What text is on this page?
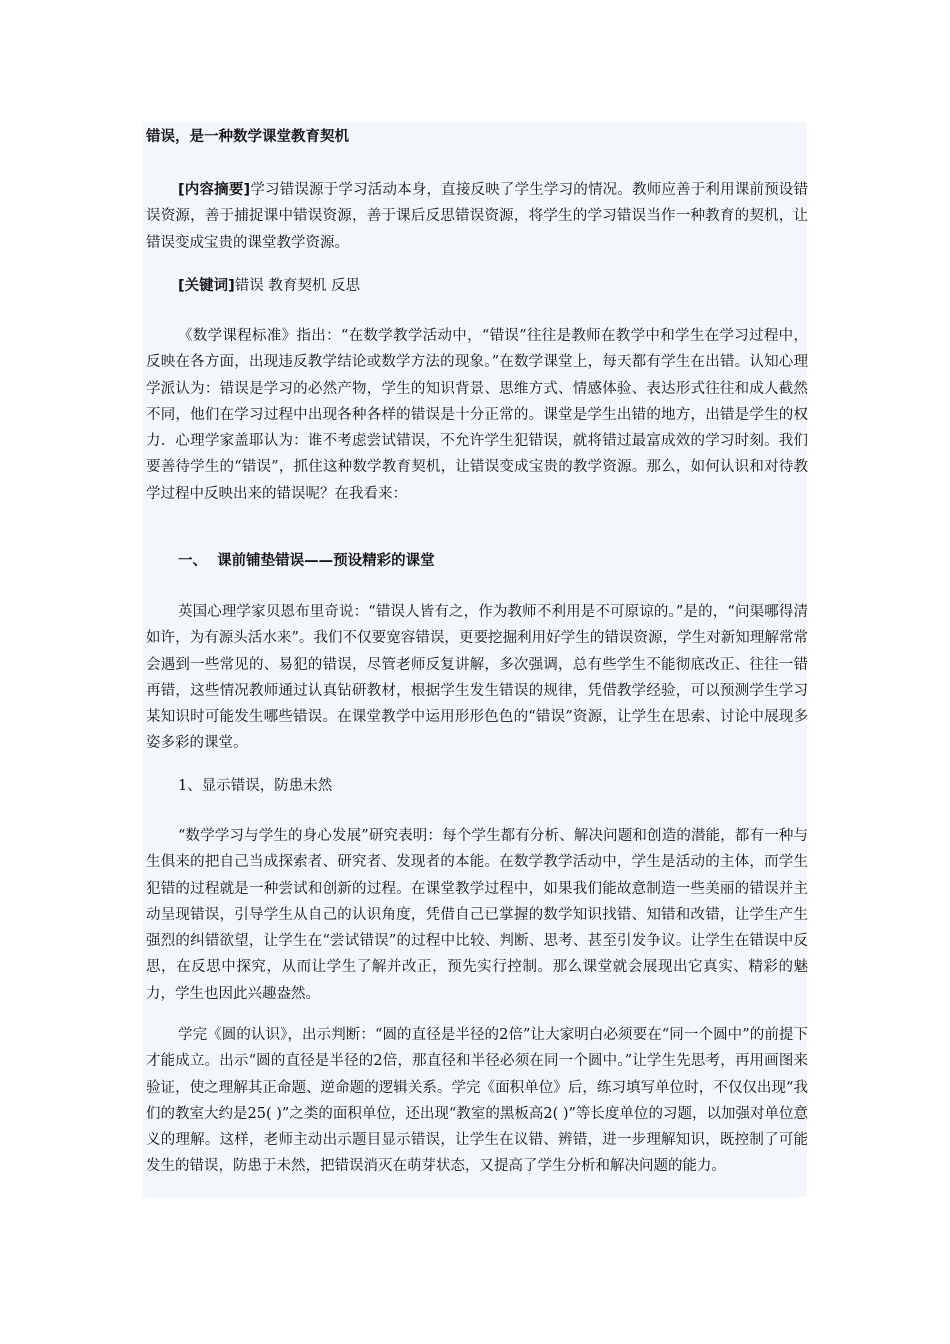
错误，是一种数学课堂教育契机
[内容摘要]学习错误源于学习活动本身，直接反映了学生学习的情况。教师应善于利用课前预设错误资源，善于捕捉课中错误资源，善于课后反思错误资源，将学生的学习错误当作一种教育的契机，让错误变成宝贵的课堂教学资源。
[关键词]错误 教育契机 反思
《数学课程标准》指出：“在数学教学活动中，“错误”往往是教师在教学中和学生在学习过程中，反映在各方面，出现违反教学结论或数学方法的现象。”在数学课堂上，每天都有学生在出错。认知心理学派认为：错误是学习的必然产物，学生的知识背景、思维方式、情感体验、表达形式往往和成人截然不同，他们在学习过程中出现各种各样的错误是十分正常的。课堂是学生出错的地方，出错是学生的权力．心理学家盖耶认为：谁不考虑尝试错误，不允许学生犯错误，就将错过最富成效的学习时刻。我们要善待学生的“错误”，抓住这种数学教育契机，让错误变成宝贵的教学资源。那么，如何认识和对待教学过程中反映出来的错误呢？在我看来：
一、  课前铺垫错误——预设精彩的课堂
英国心理学家贝恩布里奇说：“错误人皆有之，作为教师不利用是不可原谅的。”是的，“问渠哪得清如许，为有源头活水来”。我们不仅要宽容错误，更要挖掘利用好学生的错误资源，学生对新知理解常常会遇到一些常见的、易犯的错误，尽管老师反复讲解，多次强调，总有些学生不能彻底改正、往往一错再错，这些情况教师通过认真钻研教材，根据学生发生错误的规律，凭借教学经验，可以预测学生学习某知识时可能发生哪些错误。在课堂教学中运用形形色色的“错误”资源，让学生在思索、讨论中展现多姿多彩的课堂。
1、显示错误，防患未然
“数学学习与学生的身心发展”研究表明：每个学生都有分析、解决问题和创造的潜能，都有一种与生俱来的把自己当成探索者、研究者、发现者的本能。在数学教学活动中，学生是活动的主体，而学生犯错的过程就是一种尝试和创新的过程。在课堂教学过程中，如果我们能故意制造一些美丽的错误并主动呈现错误，引导学生从自己的认识角度，凭借自己已掌握的数学知识找错、知错和改错，让学生产生强烈的纠错欲望，让学生在“尝试错误”的过程中比较、判断、思考、甚至引发争议。让学生在错误中反思，在反思中探究，从而让学生了解并改正，预先实行控制。那么课堂就会展现出它真实、精彩的魅力，学生也因此兴趣盎然。
学完《圆的认识》，出示判断：“圆的直径是半径的2倍”让大家明白必须要在“同一个圆中”的前提下才能成立。出示“圆的直径是半径的2倍，那直径和半径必须在同一个圆中。”让学生先思考，再用画图来验证，使之理解其正命题、逆命题的逻辑关系。学完《面积单位》后，练习填写单位时，不仅仅出现“我们的教室大约是25( )”之类的面积单位，还出现“教室的黑板高2( )”等长度单位的习题，以加强对单位意义的理解。这样，老师主动出示题目显示错误，让学生在议错、辨错，进一步理解知识，既控制了可能发生的错误，防患于未然，把错误消灭在萌芽状态，又提高了学生分析和解决问题的能力。
